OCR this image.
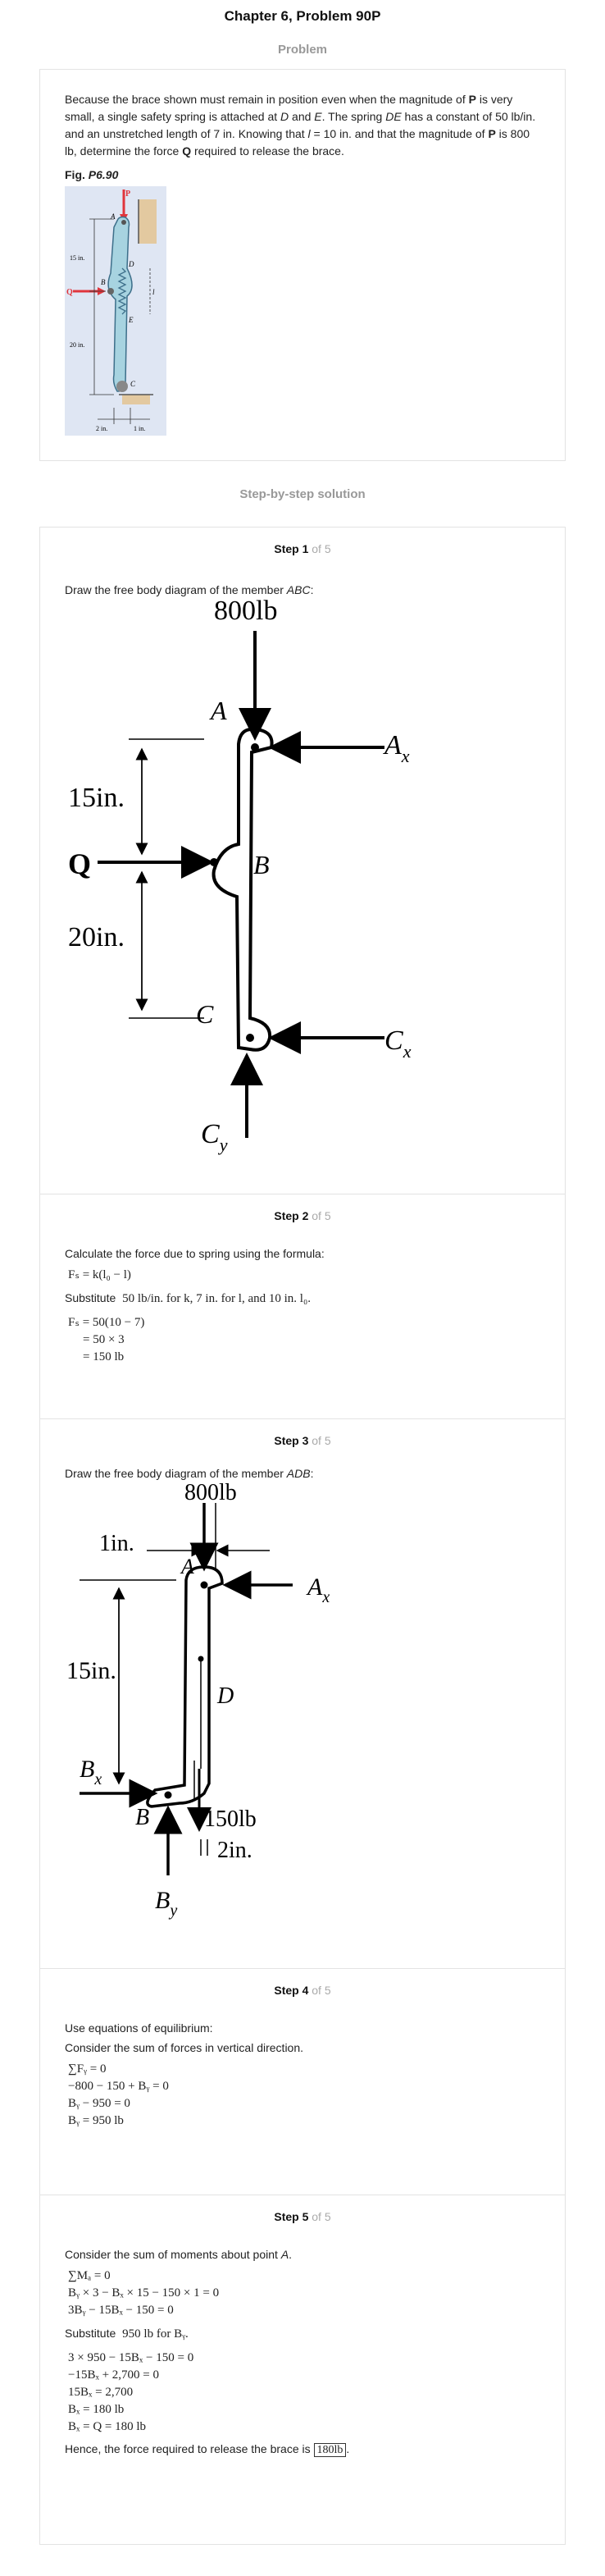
Chapter 6, Problem 90P
Problem
Because the brace shown must remain in position even when the magnitude of P is very small, a single safety spring is attached at D and E. The spring DE has a constant of 50 lb/in. and an unstretched length of 7 in. Knowing that l = 10 in. and that the magnitude of P is 800 lb, determine the force Q required to release the brace.
Fig. P6.90
P
A
B
C
D
E
Q	l
15 in.
20 in.
2 in.	1 in.
Step-by-step solution
Step 1 of 5
Draw the free body diagram of the member ABC:
800lb
A
$A_x$
B
C
$C_x$
$C_y$
Q
15in.
20in.
Step 2 of 5
Calculate the force due to spring using the formula:
Fₛ = k(l₀ − l)
Substitute 50 lb/in. for k, 7 in. for l, and 10 in. l₀.
Fₛ = 50(10 − 7)
= 50 × 3
= 150 lb
Step 3 of 5
Draw the free body diagram of the member ADB:
800lb
1in.
A
$A_x$
D
B
$B_x$
$B_y$
15in.
150lb
2in.
Step 4 of 5
Use equations of equilibrium:
Consider the sum of forces in vertical direction.
∑Fᵧ = 0
−800 − 150 + Bᵧ = 0
Bᵧ − 950 = 0
Bᵧ = 950 lb
Step 5 of 5
Consider the sum of moments about point A.
∑Mₐ = 0
Bᵧ × 3 − Bₓ × 15 − 150 × 1 = 0
3Bᵧ − 15Bₓ − 150 = 0
Substitute 950 lb for Bᵧ.
3 × 950 − 15Bₓ − 150 = 0
−15Bₓ + 2,700 = 0
15Bₓ = 2,700
Bₓ = 180 lb
Bₓ = Q = 180 lb
Hence, the force required to release the brace is 180lb .
